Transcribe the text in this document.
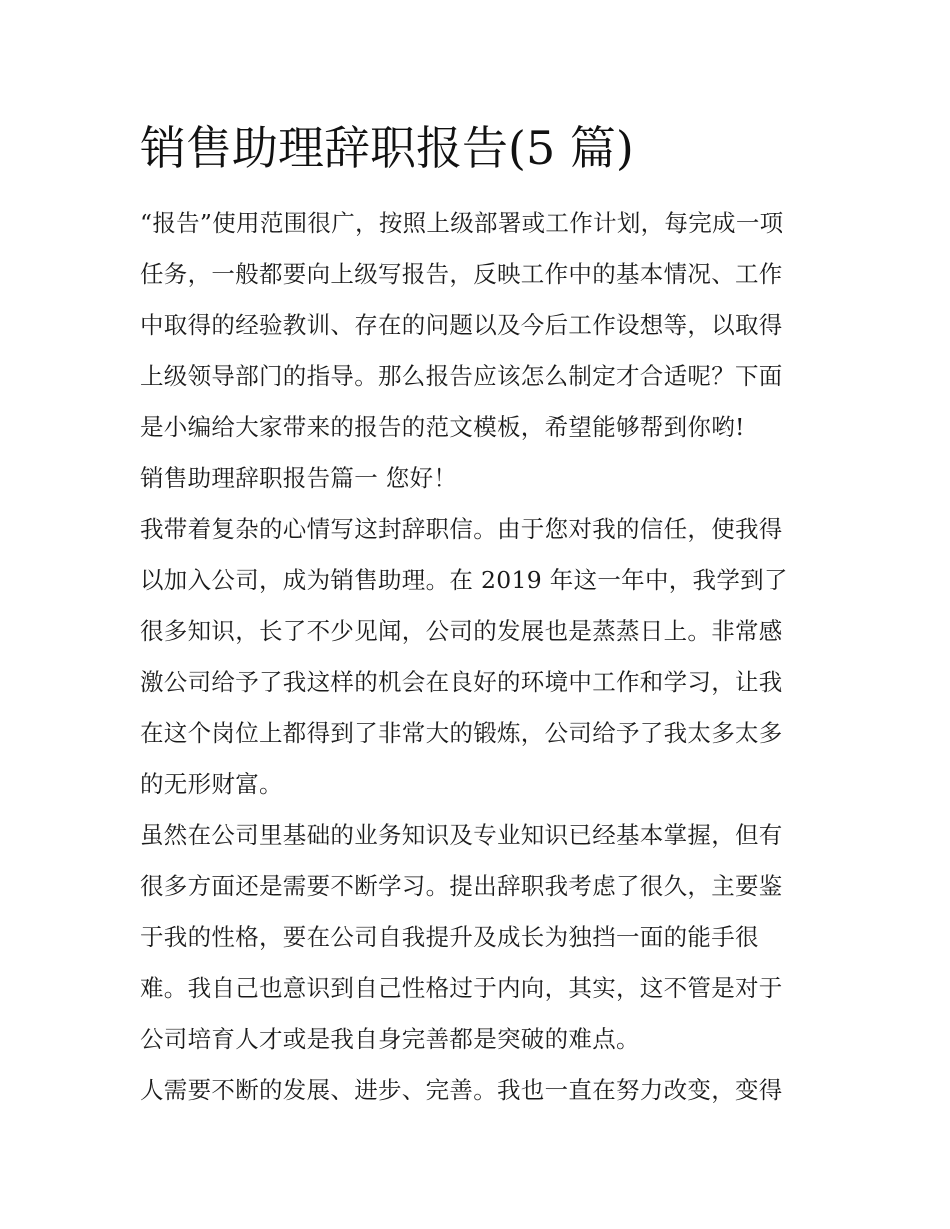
销售助理辞职报告(5 篇)
“报告”使用范围很广，按照上级部署或工作计划，每完成一项
任务，一般都要向上级写报告，反映工作中的基本情况、工作
中取得的经验教训、存在的问题以及今后工作设想等，以取得
上级领导部门的指导。那么报告应该怎么制定才合适呢？下面
是小编给大家带来的报告的范文模板，希望能够帮到你哟!
销售助理辞职报告篇一 您好！
我带着复杂的心情写这封辞职信。由于您对我的信任，使我得
以加入公司，成为销售助理。在 2019 年这一年中，我学到了
很多知识，长了不少见闻，公司的发展也是蒸蒸日上。非常感
激公司给予了我这样的机会在良好的环境中工作和学习，让我
在这个岗位上都得到了非常大的锻炼，公司给予了我太多太多
的无形财富。
虽然在公司里基础的业务知识及专业知识已经基本掌握，但有
很多方面还是需要不断学习。提出辞职我考虑了很久，主要鉴
于我的性格，要在公司自我提升及成长为独挡一面的能手很
难。我自己也意识到自己性格过于内向，其实，这不管是对于
公司培育人才或是我自身完善都是突破的难点。
人需要不断的发展、进步、完善。我也一直在努力改变，变得
